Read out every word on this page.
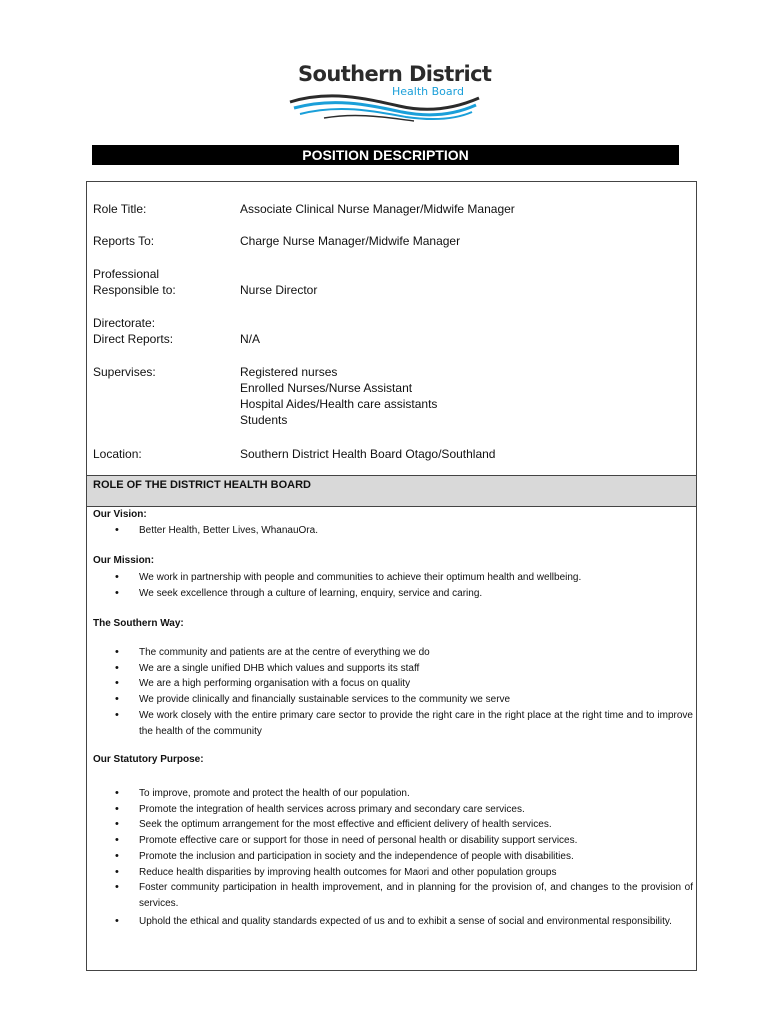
Southern District
Health Board
POSITION DESCRIPTION
Role Title:	Associate Clinical Nurse Manager/Midwife Manager
Reports To:	Charge Nurse Manager/Midwife Manager
Professional
Responsible to:	Nurse Director
Directorate:
Direct Reports:	N/A
Supervises:	Registered nurses
Enrolled Nurses/Nurse Assistant
Hospital Aides/Health care assistants
Students
Location:	Southern District Health Board Otago/Southland
ROLE OF THE DISTRICT HEALTH BOARD
Our Vision:
• Better Health, Better Lives, WhanauOra.
Our Mission:
• We work in partnership with people and communities to achieve their optimum health and wellbeing.
• We seek excellence through a culture of learning, enquiry, service and caring.
The Southern Way:
• The community and patients are at the centre of everything we do
• We are a single unified DHB which values and supports its staff
• We are a high performing organisation with a focus on quality
• We provide clinically and financially sustainable services to the community we serve
• We work closely with the entire primary care sector to provide the right care in the right place at the right time and to improve the health of the community
Our Statutory Purpose:
• To improve, promote and protect the health of our population.
• Promote the integration of health services across primary and secondary care services.
• Seek the optimum arrangement for the most effective and efficient delivery of health services.
• Promote effective care or support for those in need of personal health or disability support services.
• Promote the inclusion and participation in society and the independence of people with disabilities.
• Reduce health disparities by improving health outcomes for Maori and other population groups
• Foster community participation in health improvement, and in planning for the provision of, and changes to the provision of services.
• Uphold the ethical and quality standards expected of us and to exhibit a sense of social and environmental responsibility.
